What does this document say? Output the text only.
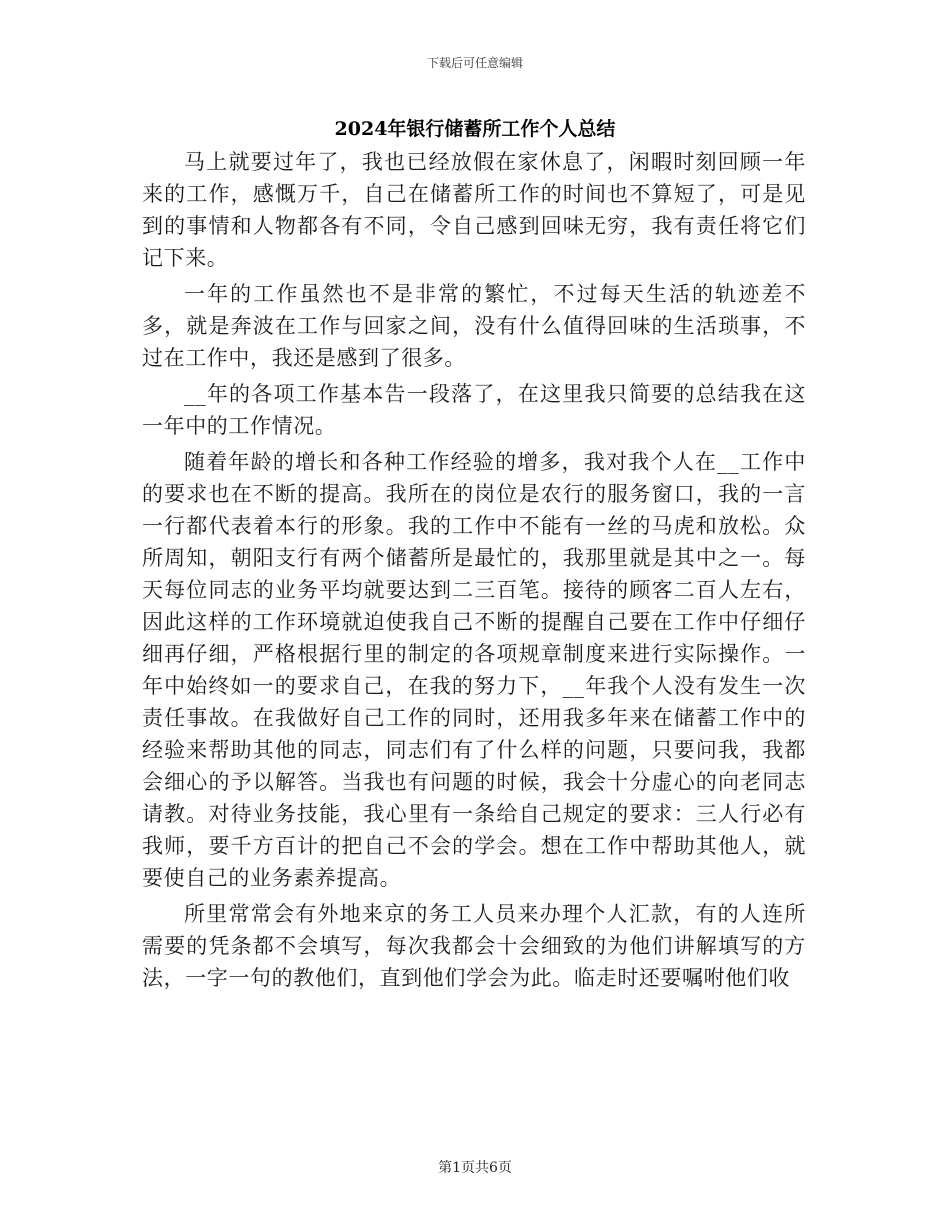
下载后可任意编辑
2024年银行储蓄所工作个人总结

马上就要过年了，我也已经放假在家休息了，闲暇时刻回顾一年来的工作，感慨万千，自己在储蓄所工作的时间也不算短了，可是见到的事情和人物都各有不同，令自己感到回味无穷，我有责任将它们记下来。

一年的工作虽然也不是非常的繁忙，不过每天生活的轨迹差不多，就是奔波在工作与回家之间，没有什么值得回味的生活琐事，不过在工作中，我还是感到了很多。

__年的各项工作基本告一段落了，在这里我只简要的总结我在这一年中的工作情况。

随着年龄的增长和各种工作经验的增多，我对我个人在__工作中的要求也在不断的提高。我所在的岗位是农行的服务窗口，我的一言一行都代表着本行的形象。我的工作中不能有一丝的马虎和放松。众所周知，朝阳支行有两个储蓄所是最忙的，我那里就是其中之一。每天每位同志的业务平均就要达到二三百笔。接待的顾客二百人左右，因此这样的工作环境就迫使我自己不断的提醒自己要在工作中仔细仔细再仔细，严格根据行里的制定的各项规章制度来进行实际操作。一年中始终如一的要求自己，在我的努力下，__年我个人没有发生一次责任事故。在我做好自己工作的同时，还用我多年来在储蓄工作中的经验来帮助其他的同志，同志们有了什么样的问题，只要问我，我都会细心的予以解答。当我也有问题的时候，我会十分虚心的向老同志请教。对待业务技能，我心里有一条给自己规定的要求：三人行必有我师，要千方百计的把自己不会的学会。想在工作中帮助其他人，就要使自己的业务素养提高。

所里常常会有外地来京的务工人员来办理个人汇款，有的人连所需要的凭条都不会填写，每次我都会十会细致的为他们讲解填写的方法，一字一句的教他们，直到他们学会为此。临走时还要嘱咐他们收

第1页共6页
